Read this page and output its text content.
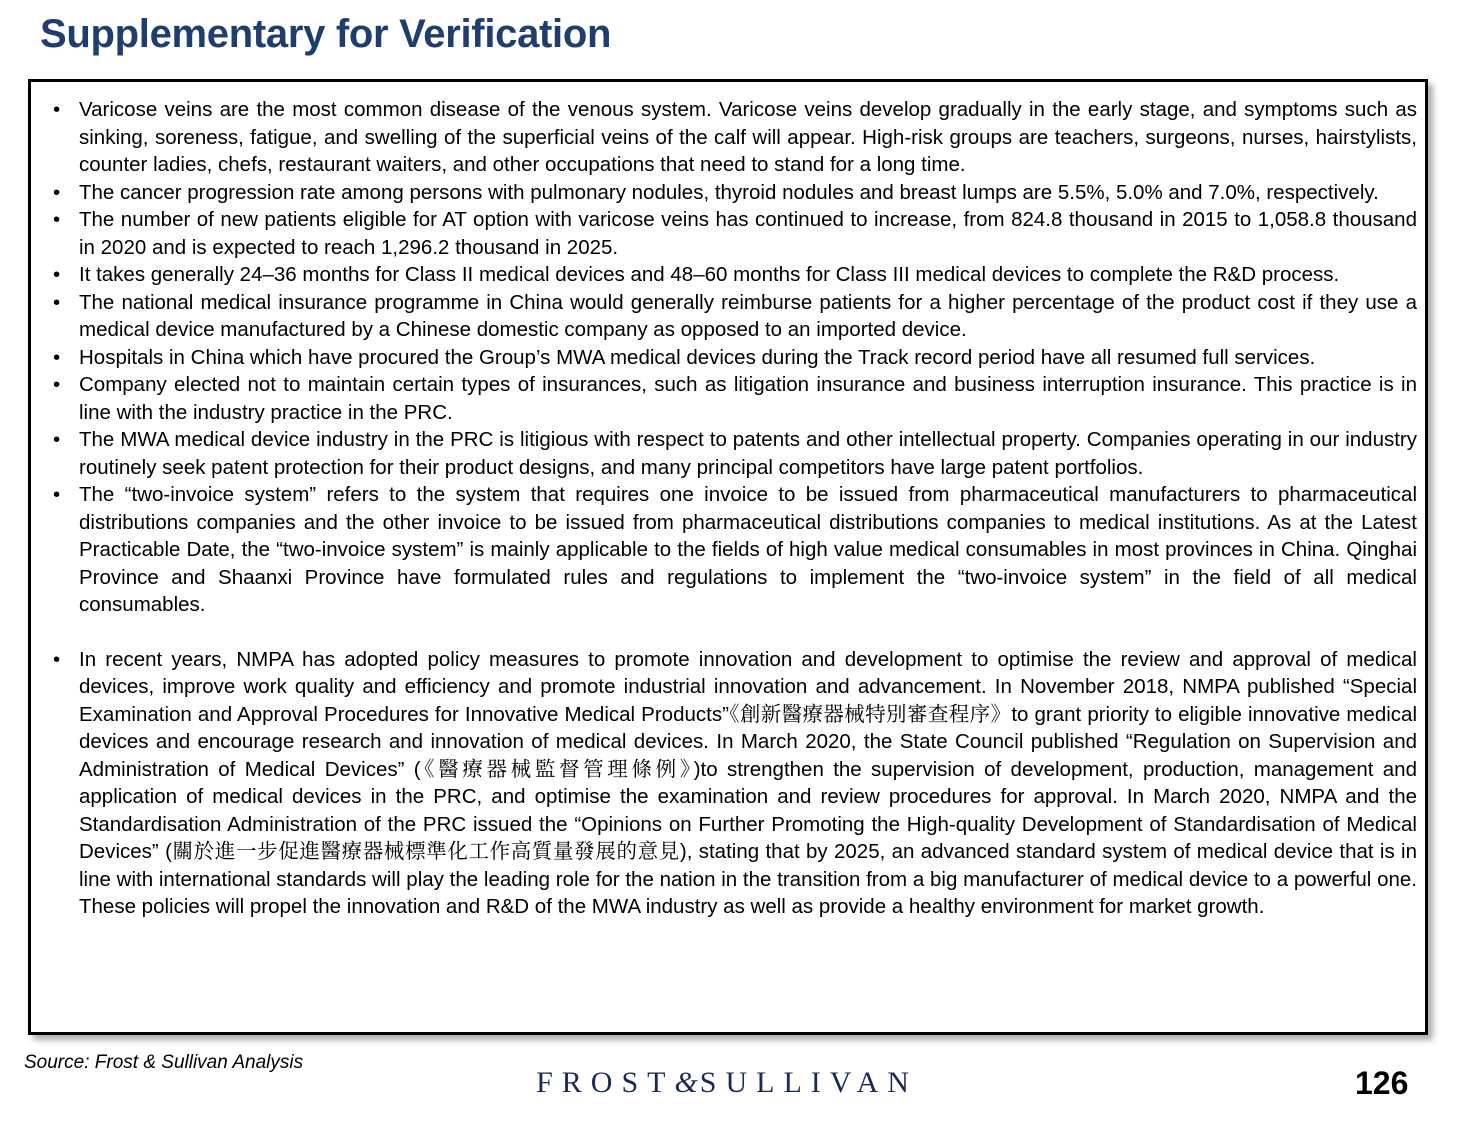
Supplementary for Verification
• Varicose veins are the most common disease of the venous system. Varicose veins develop gradually in the early stage, and symptoms such as sinking, soreness, fatigue, and swelling of the superficial veins of the calf will appear. High-risk groups are teachers, surgeons, nurses, hairstylists, counter ladies, chefs, restaurant waiters, and other occupations that need to stand for a long time.
• The cancer progression rate among persons with pulmonary nodules, thyroid nodules and breast lumps are 5.5%, 5.0% and 7.0%, respectively.
• The number of new patients eligible for AT option with varicose veins has continued to increase, from 824.8 thousand in 2015 to 1,058.8 thousand in 2020 and is expected to reach 1,296.2 thousand in 2025.
• It takes generally 24–36 months for Class II medical devices and 48–60 months for Class III medical devices to complete the R&D process.
• The national medical insurance programme in China would generally reimburse patients for a higher percentage of the product cost if they use a medical device manufactured by a Chinese domestic company as opposed to an imported device.
• Hospitals in China which have procured the Group’s MWA medical devices during the Track record period have all resumed full services.
• Company elected not to maintain certain types of insurances, such as litigation insurance and business interruption insurance. This practice is in line with the industry practice in the PRC.
• The MWA medical device industry in the PRC is litigious with respect to patents and other intellectual property. Companies operating in our industry routinely seek patent protection for their product designs, and many principal competitors have large patent portfolios.
• The “two-invoice system” refers to the system that requires one invoice to be issued from pharmaceutical manufacturers to pharmaceutical distributions companies and the other invoice to be issued from pharmaceutical distributions companies to medical institutions. As at the Latest Practicable Date, the “two-invoice system” is mainly applicable to the fields of high value medical consumables in most provinces in China. Qinghai Province and Shaanxi Province have formulated rules and regulations to implement the “two-invoice system” in the field of all medical consumables.
• In recent years, NMPA has adopted policy measures to promote innovation and development to optimise the review and approval of medical devices, improve work quality and efficiency and promote industrial innovation and advancement. In November 2018, NMPA published “Special Examination and Approval Procedures for Innovative Medical Products”《創新醫療器械特別審查程序》to grant priority to eligible innovative medical devices and encourage research and innovation of medical devices. In March 2020, the State Council published “Regulation on Supervision and Administration of Medical Devices” (《醫療器械監督管理條例》)to strengthen the supervision of development, production, management and application of medical devices in the PRC, and optimise the examination and review procedures for approval. In March 2020, NMPA and the Standardisation Administration of the PRC issued the “Opinions on Further Promoting the High-quality Development of Standardisation of Medical Devices” (關於進一步促進醫療器械標準化工作高質量發展的意見), stating that by 2025, an advanced standard system of medical device that is in line with international standards will play the leading role for the nation in the transition from a big manufacturer of medical device to a powerful one. These policies will propel the innovation and R&D of the MWA industry as well as provide a healthy environment for market growth.
Source: Frost & Sullivan Analysis
FROST&SULLIVAN	126
